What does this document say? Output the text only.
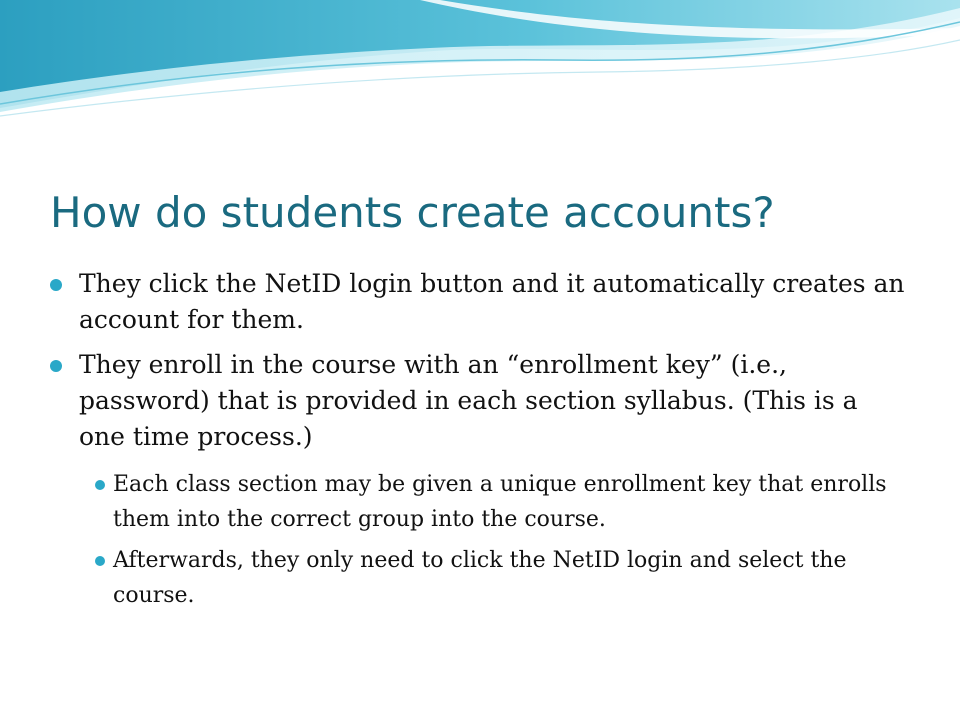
How do students create accounts?
They click the NetID login button and it automatically creates an account for them.
They enroll in the course with an “enrollment key” (i.e., password) that is provided in each section syllabus. (This is a one time process.)
Each class section may be given a unique enrollment key that enrolls them into the correct group into the course.
Afterwards, they only need to click the NetID login and select the course.
